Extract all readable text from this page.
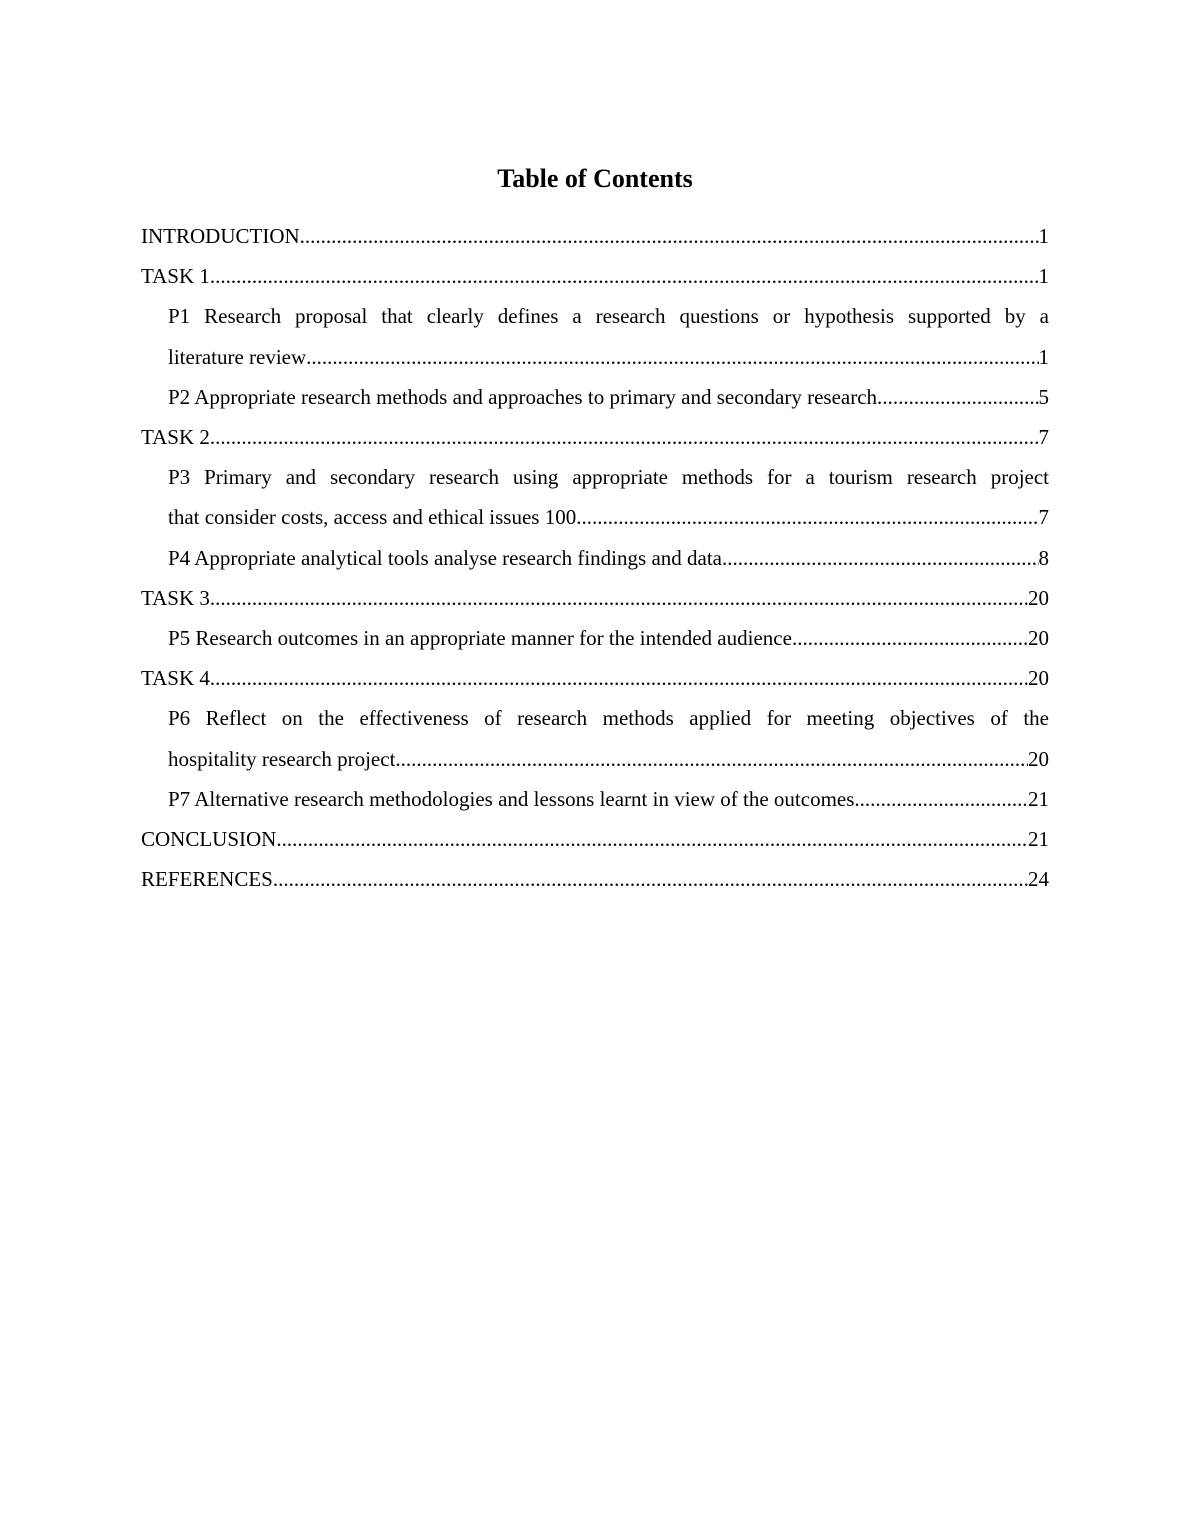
Table of Contents
INTRODUCTION .....	1
TASK 1 .....	1
P1 Research proposal that clearly defines a research questions or hypothesis supported by a
literature review .....	1
P2 Appropriate research methods and approaches to primary and secondary research. .....	5
TASK 2 .....	7
P3 Primary and secondary research using appropriate methods for a tourism research project
that consider costs, access and ethical issues 100 .....	7
P4 Appropriate analytical tools analyse research findings and data .....	8
TASK 3 .....	20
P5 Research outcomes in an appropriate manner for the intended audience .....	20
TASK 4 .....	20
P6 Reflect on the effectiveness of research methods applied for meeting objectives of the
hospitality research project .....	20
P7 Alternative research methodologies and lessons learnt in view of the outcomes .....	21
CONCLUSION .....	21
REFERENCES .....	24
